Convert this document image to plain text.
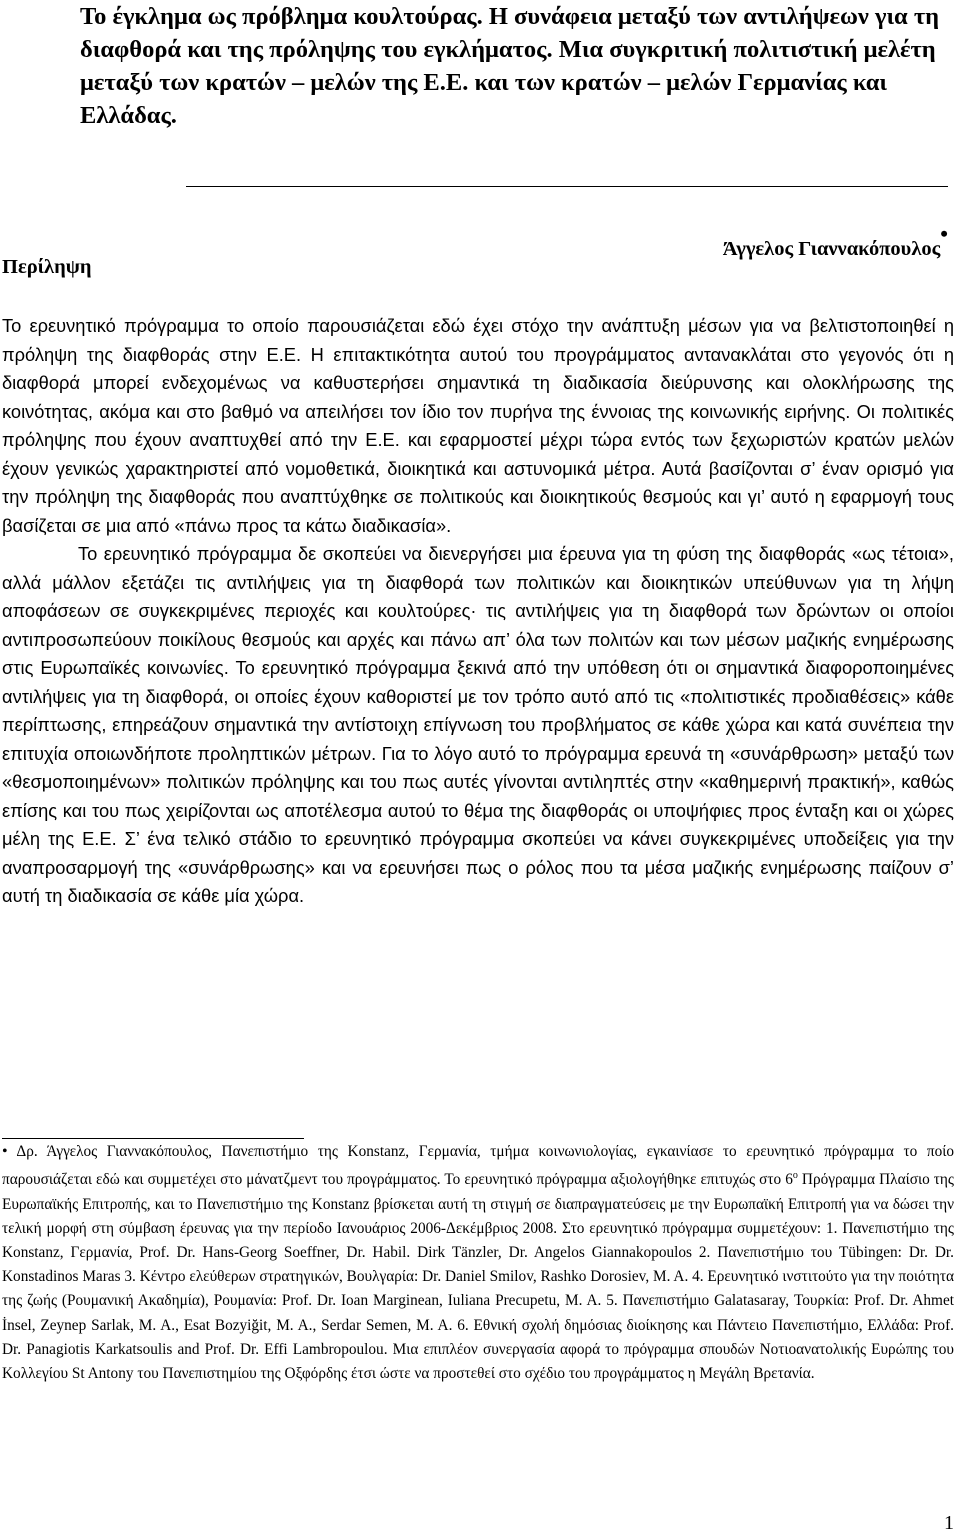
Το έγκλημα ως πρόβλημα κουλτούρας. Η συνάφεια μεταξύ των αντιλήψεων για τη διαφθορά και της πρόληψης του εγκλήματος. Μια συγκριτική πολιτιστική μελέτη μεταξύ των κρατών – μελών της Ε.Ε. και των κρατών – μελών Γερμανίας και Ελλάδας.
Περίληψη
Άγγελος Γιαννακόπουλος•

Το ερευνητικό πρόγραμμα το οποίο παρουσιάζεται εδώ έχει στόχο την ανάπτυξη μέσων για να βελτιστοποιηθεί η πρόληψη της διαφθοράς στην Ε.Ε. Η επιτακτικότητα αυτού του προγράμματος αντανακλάται στο γεγονός ότι η διαφθορά μπορεί ενδεχομένως να καθυστερήσει σημαντικά τη διαδικασία διεύρυνσης και ολοκλήρωσης της κοινότητας, ακόμα και στο βαθμό να απειλήσει τον ίδιο τον πυρήνα της έννοιας της κοινωνικής ειρήνης. Οι πολιτικές πρόληψης που έχουν αναπτυχθεί από την Ε.Ε. και εφαρμοστεί μέχρι τώρα εντός των ξεχωριστών κρατών μελών έχουν γενικώς χαρακτηριστεί από νομοθετικά, διοικητικά και αστυνομικά μέτρα. Αυτά βασίζονται σ’ έναν ορισμό για την πρόληψη της διαφθοράς που αναπτύχθηκε σε πολιτικούς και διοικητικούς θεσμούς και γι’ αυτό η εφαρμογή τους βασίζεται σε μια από «πάνω προς τα κάτω διαδικασία».

Το ερευνητικό πρόγραμμα δε σκοπεύει να διενεργήσει μια έρευνα για τη φύση της διαφθοράς «ως τέτοια», αλλά μάλλον εξετάζει τις αντιλήψεις για τη διαφθορά των πολιτικών και διοικητικών υπεύθυνων για τη λήψη αποφάσεων σε συγκεκριμένες περιοχές και κουλτούρες· τις αντιλήψεις για τη διαφθορά των δρώντων οι οποίοι αντιπροσωπεύουν ποικίλους θεσμούς και αρχές και πάνω απ’ όλα των πολιτών και των μέσων μαζικής ενημέρωσης στις Ευρωπαϊκές κοινωνίες. Το ερευνητικό πρόγραμμα ξεκινά από την υπόθεση ότι οι σημαντικά διαφοροποιημένες αντιλήψεις για τη διαφθορά, οι οποίες έχουν καθοριστεί με τον τρόπο αυτό από τις «πολιτιστικές προδιαθέσεις» κάθε περίπτωσης, επηρεάζουν σημαντικά την αντίστοιχη επίγνωση του προβλήματος σε κάθε χώρα και κατά συνέπεια την επιτυχία οποιωνδήποτε προληπτικών μέτρων. Για το λόγο αυτό το πρόγραμμα ερευνά τη «συνάρθρωση» μεταξύ των «θεσμοποιημένων» πολιτικών πρόληψης και του πως αυτές γίνονται αντιληπτές στην «καθημερινή πρακτική», καθώς επίσης και του πως χειρίζονται ως αποτέλεσμα αυτού το θέμα της διαφθοράς οι υποψήφιες προς ένταξη και οι χώρες μέλη της Ε.Ε. Σ’ ένα τελικό στάδιο το ερευνητικό πρόγραμμα σκοπεύει να κάνει συγκεκριμένες υποδείξεις για την αναπροσαρμογή της «συνάρθρωσης» και να ερευνήσει πως ο ρόλος που τα μέσα μαζικής ενημέρωσης παίζουν σ’ αυτή τη διαδικασία σε κάθε μία χώρα.

• Δρ. Άγγελος Γιαννακόπουλος, Πανεπιστήμιο της Konstanz, Γερμανία, τμήμα κοινωνιολογίας, εγκαινίασε το ερευνητικό πρόγραμμα το ποίο παρουσιάζεται εδώ και συμμετέχει στο μάνατζμεντ του προγράμματος. Το ερευνητικό πρόγραμμα αξιολογήθηκε επιτυχώς στο $6^o$ Πρόγραμμα Πλαίσιο της Ευρωπαϊκής Επιτροπής, και το Πανεπιστήμιο της Konstanz βρίσκεται αυτή τη στιγμή σε διαπραγματεύσεις με την Ευρωπαϊκή Επιτροπή για να δώσει την τελική μορφή στη σύμβαση έρευνας για την περίοδο Ιανουάριος 2006-Δεκέμβριος 2008. Στο ερευνητικό πρόγραμμα συμμετέχουν: 1. Πανεπιστήμιο της Konstanz, Γερμανία, Prof. Dr. Hans-Georg Soeffner, Dr. Habil. Dirk Tänzler, Dr. Angelos Giannakopoulos 2. Πανεπιστήμιο του Tübingen: Dr. Dr. Konstadinos Maras 3. Κέντρο ελεύθερων στρατηγικών, Βουλγαρία: Dr. Daniel Smilov, Rashko Dorosiev, M. A. 4. Ερευνητικό ινστιτούτο για την ποιότητα της ζωής (Ρουμανική Ακαδημία), Ρουμανία: Prof. Dr. Ioan Marginean, Iuliana Precupetu, M. A. 5. Πανεπιστήμιο Galatasaray, Τουρκία: Prof. Dr. Ahmet İnsel, Zeynep Sarlak, M. A., Esat Bozyiğit, M. A., Serdar Semen, M. A. 6. Εθνική σχολή δημόσιας διοίκησης και Πάντειο Πανεπιστήμιο, Ελλάδα: Prof. Dr. Panagiotis Karkatsoulis and Prof. Dr. Effi Lambropoulou. Μια επιπλέον συνεργασία αφορά το πρόγραμμα σπουδών Νοτιοανατολικής Ευρώπης του Κολλεγίου St Antony του Πανεπιστημίου της Οξφόρδης έτσι ώστε να προστεθεί στο σχέδιο του προγράμματος η Μεγάλη Βρετανία.

1
